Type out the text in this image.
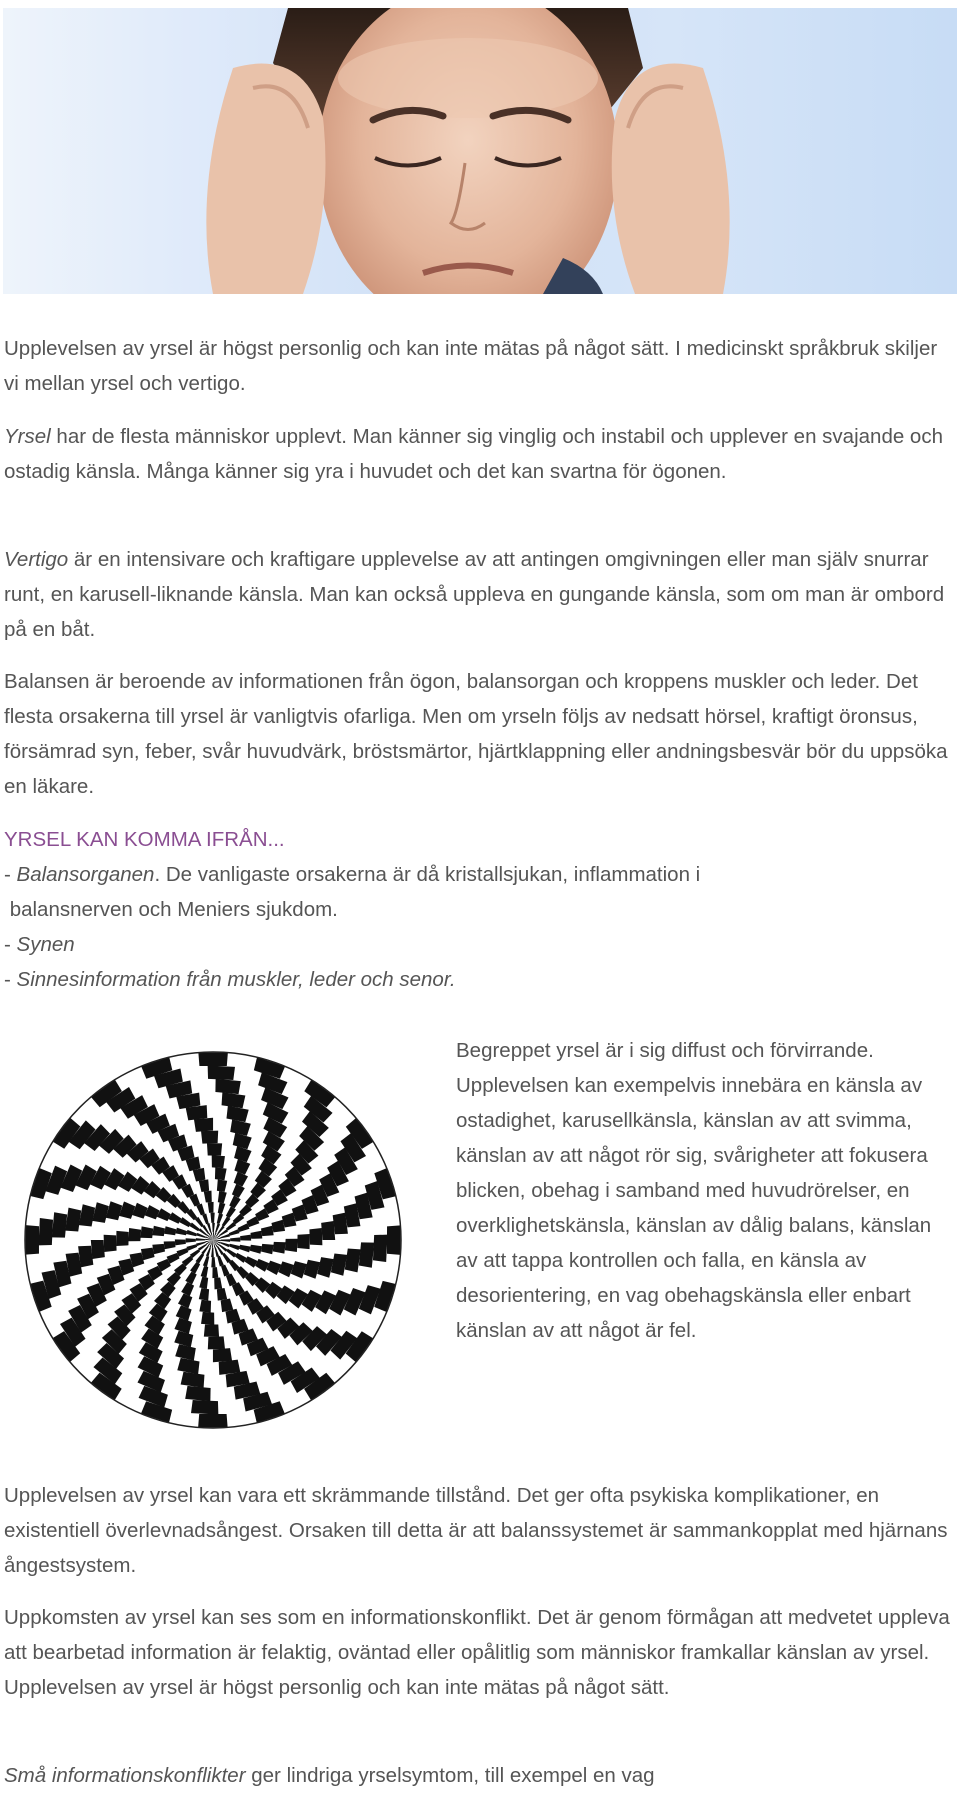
Upplevelsen av yrsel är högst personlig och kan inte mätas på något sätt. I medicinskt språkbruk skiljer vi mellan yrsel och vertigo.

Yrsel har de flesta människor upplevt. Man känner sig vinglig och instabil och upplever en svajande och ostadig känsla. Många känner sig yra i huvudet och det kan svartna för ögonen.

Vertigo är en intensivare och kraftigare upplevelse av att antingen omgivningen eller man själv snurrar runt, en karusell-liknande känsla. Man kan också uppleva en gungande känsla, som om man är ombord på en båt.

Balansen är beroende av informationen från ögon, balansorgan och kroppens muskler och leder. Det flesta orsakerna till yrsel är vanligtvis ofarliga. Men om yrseln följs av nedsatt hörsel, kraftigt öronsus, försämrad syn, feber, svår huvudvärk, bröstsmärtor, hjärtklappning eller andningsbesvär bör du uppsöka en läkare.

YRSEL KAN KOMMA IFRÅN...
- Balansorganen. De vanligaste orsakerna är då kristallsjukan, inflammation i
balansnerven och Meniers sjukdom.
- Synen
- Sinnesinformation från muskler, leder och senor.

Begreppet yrsel är i sig diffust och förvirrande. Upplevelsen kan exempelvis innebära en känsla av ostadighet, karusellkänsla, känslan av att svimma, känslan av att något rör sig, svårigheter att fokusera blicken, obehag i samband med huvudrörelser, en overklighetskänsla, känslan av dålig balans, känslan av att tappa kontrollen och falla, en känsla av desorientering, en vag obehagskänsla eller enbart känslan av att något är fel.

Upplevelsen av yrsel kan vara ett skrämmande tillstånd. Det ger ofta psykiska komplikationer, en existentiell överlevnadsångest. Orsaken till detta är att balanssystemet är sammankopplat med hjärnans ångestsystem.

Uppkomsten av yrsel kan ses som en informationskonflikt. Det är genom förmågan att medvetet uppleva att bearbetad information är felaktig, oväntad eller opålitlig som människor framkallar känslan av yrsel. Upplevelsen av yrsel är högst personlig och kan inte mätas på något sätt.

Små informationskonflikter ger lindriga yrselsymtom, till exempel en vag
